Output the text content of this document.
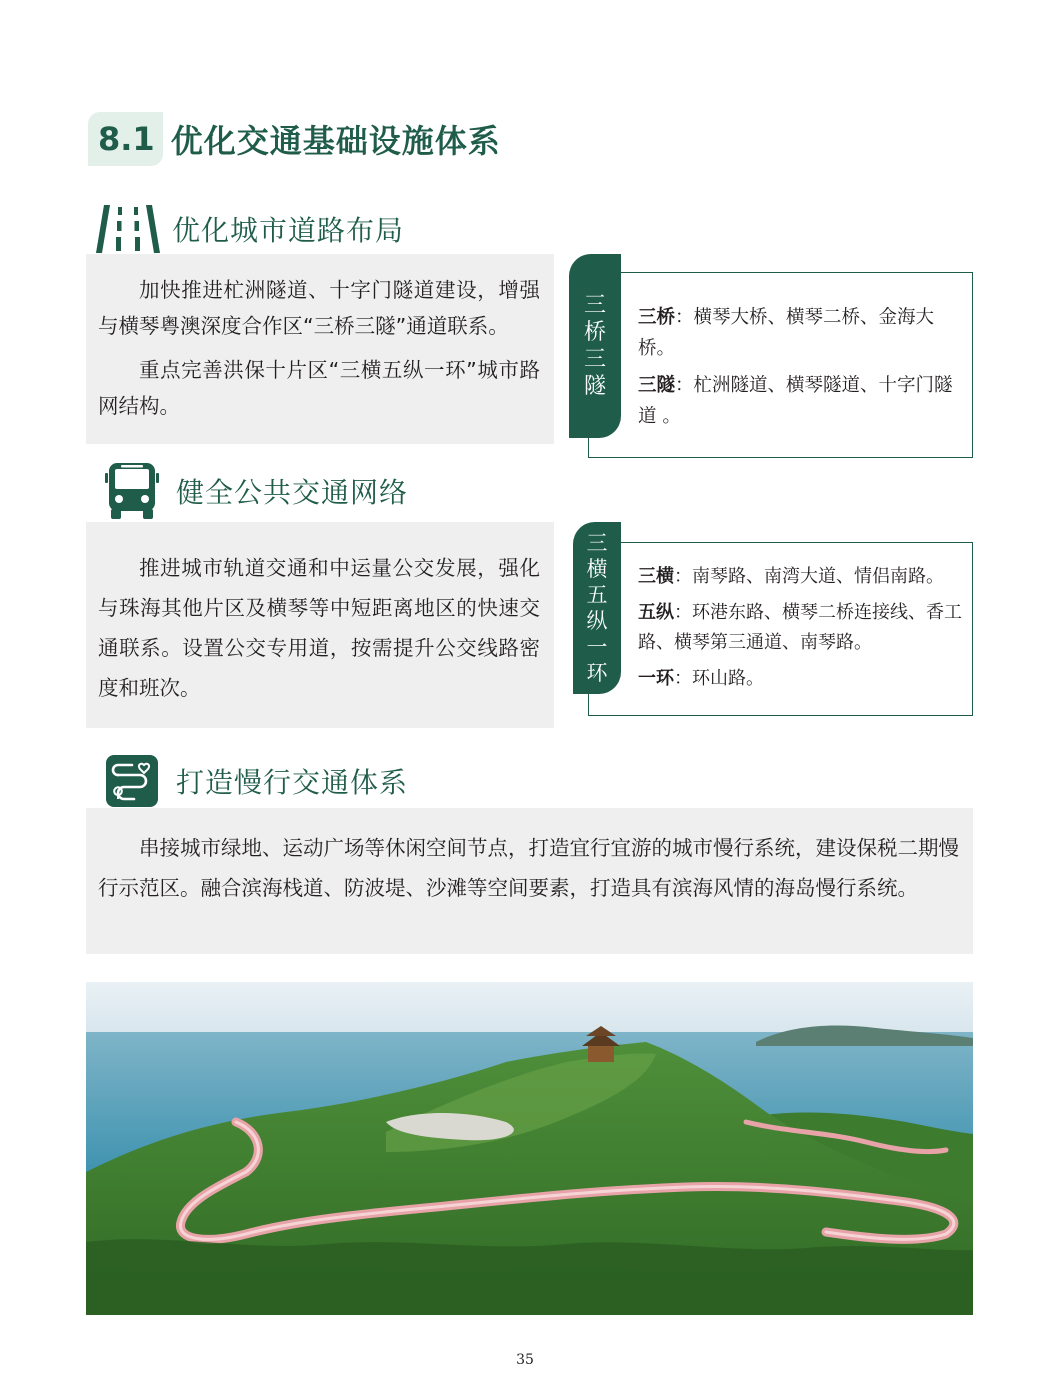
8.1 优化交通基础设施体系
优化城市道路布局

加快推进杧洲隧道、十字门隧道建设，增强与横琴粤澳深度合作区“三桥三隧”通道联系。

重点完善洪保十片区“三横五纵一环”城市路网结构。

三
桥
三
隧

三桥：横琴大桥、横琴二桥、金海大桥。

三隧：杧洲隧道、横琴隧道、十字门隧道 。

健全公共交通网络

推进城市轨道交通和中运量公交发展，强化与珠海其他片区及横琴等中短距离地区的快速交通联系。设置公交专用道，按需提升公交线路密度和班次。

三
横
五
纵
一
环

三横：南琴路、南湾大道、情侣南路。

五纵：环港东路、横琴二桥连接线、香工路、横琴第三通道、南琴路。

一环：环山路。

打造慢行交通体系

串接城市绿地、运动广场等休闲空间节点，打造宜行宜游的城市慢行系统，建设保税二期慢行示范区。融合滨海栈道、防波堤、沙滩等空间要素，打造具有滨海风情的海岛慢行系统。

35
